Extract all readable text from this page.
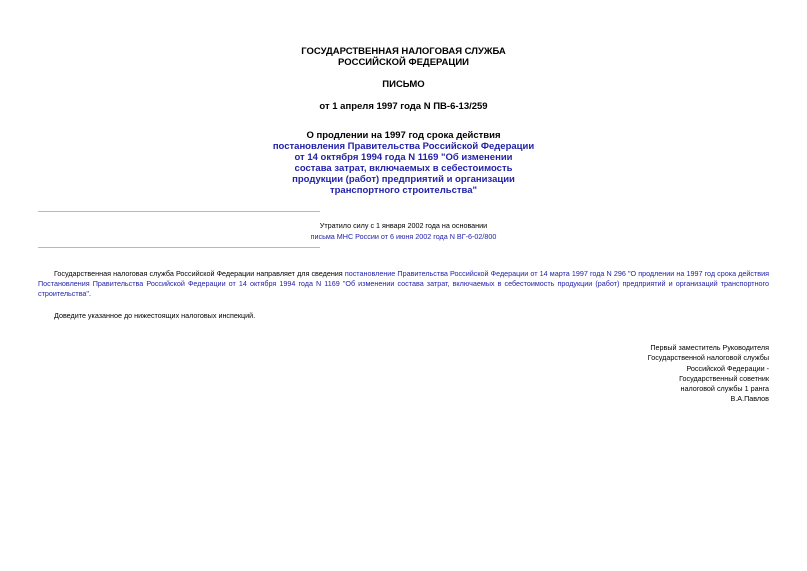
ГОСУДАРСТВЕННАЯ НАЛОГОВАЯ СЛУЖБА
РОССИЙСКОЙ ФЕДЕРАЦИИ
ПИСЬМО
от 1 апреля 1997 года N ПВ-6-13/259
О продлении на 1997 год срока действия
постановления Правительства Российской Федерации
от 14 октября 1994 года N 1169 "Об изменении
состава затрат, включаемых в себестоимость
продукции (работ) предприятий и организации
транспортного строительства"
Утратило силу с 1 января 2002 года на основании
письма МНС России от 6 июня 2002 года N ВГ-6-02/800
Государственная налоговая служба Российской Федерации направляет для сведения постановление Правительства Российской Федерации от 14 марта 1997 года N 296 "О продлении на 1997 год срока действия Постановления Правительства Российской Федерации от 14 октября 1994 года N 1169 "Об изменении состава затрат, включаемых в себестоимость продукции (работ) предприятий и организаций транспортного строительства".
Доведите указанное до нижестоящих налоговых инспекций.
Первый заместитель Руководителя
Государственной налоговой службы
Российской Федерации -
Государственный советник
налоговой службы 1 ранга
В.А.Павлов
